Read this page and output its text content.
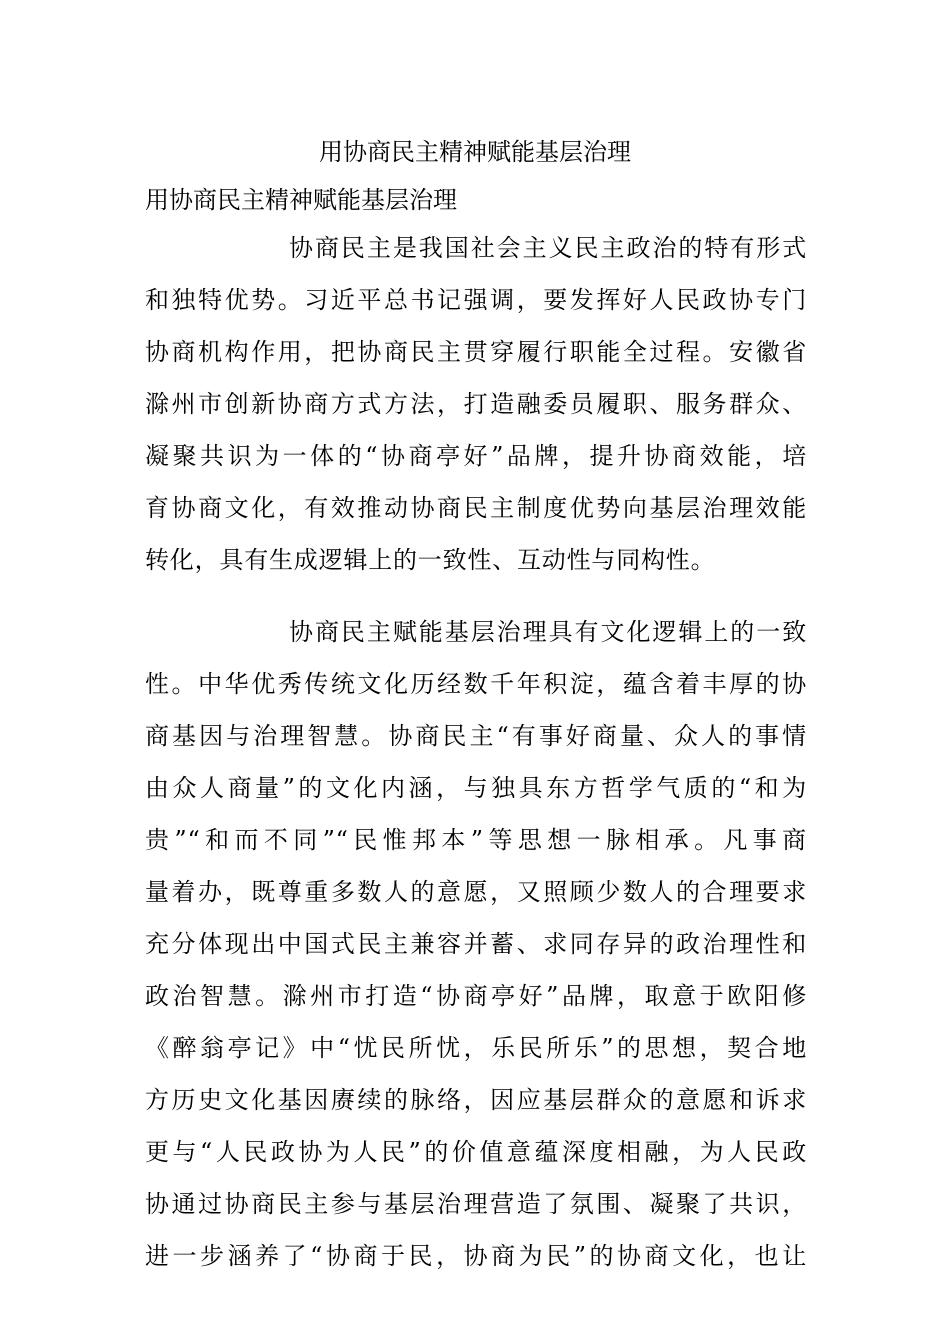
用协商民主精神赋能基层治理
用协商民主精神赋能基层治理

协商民主是我国社会主义民主政治的特有形式
和独特优势。习近平总书记强调，要发挥好人民政协专门
协商机构作用，把协商民主贯穿履行职能全过程。安徽省
滁州市创新协商方式方法，打造融委员履职、服务群众、
凝聚共识为一体的“协商亭好”品牌，提升协商效能，培
育协商文化，有效推动协商民主制度优势向基层治理效能
转化，具有生成逻辑上的一致性、互动性与同构性。

协商民主赋能基层治理具有文化逻辑上的一致
性。中华优秀传统文化历经数千年积淀，蕴含着丰厚的协
商基因与治理智慧。协商民主“有事好商量、众人的事情
由众人商量”的文化内涵，与独具东方哲学气质的“和为
贵”“和而不同”“民惟邦本”等思想一脉相承。凡事商
量着办，既尊重多数人的意愿，又照顾少数人的合理要求
充分体现出中国式民主兼容并蓄、求同存异的政治理性和
政治智慧。滁州市打造“协商亭好”品牌，取意于欧阳修
《醉翁亭记》中“忧民所忧，乐民所乐”的思想，契合地
方历史文化基因赓续的脉络，因应基层群众的意愿和诉求
更与“人民政协为人民”的价值意蕴深度相融，为人民政
协通过协商民主参与基层治理营造了氛围、凝聚了共识，
进一步涵养了“协商于民，协商为民”的协商文化，也让
